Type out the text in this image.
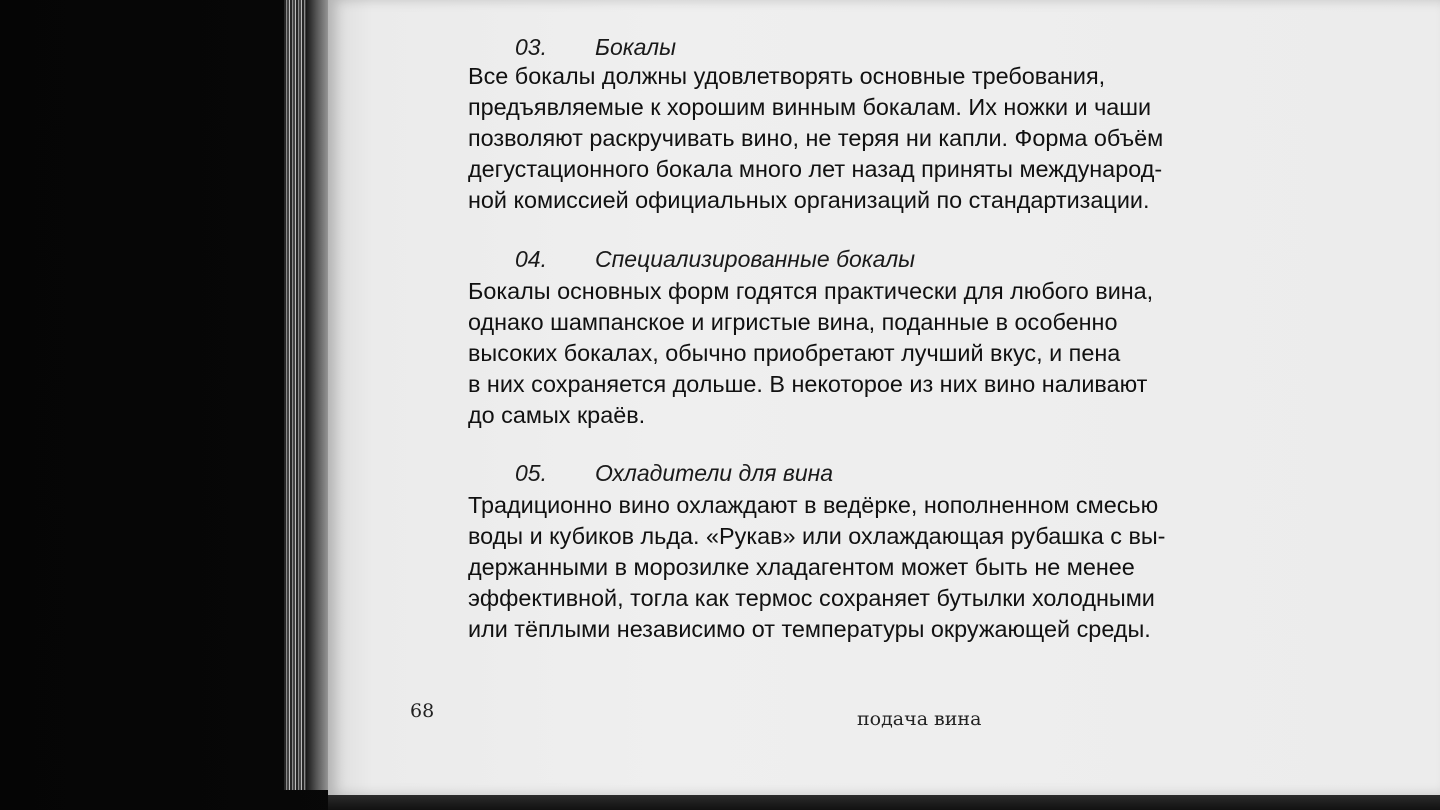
03. Бокалы
Все бокалы должны удовлетворять основные требования,
предъявляемые к хорошим винным бокалам. Их ножки и чаши
позволяют раскручивать вино, не теряя ни капли. Форма объём
дегустационного бокала много лет назад приняты международ-
ной комиссией официальных организаций по стандартизации.
04. Специализированные бокалы
Бокалы основных форм годятся практически для любого вина,
однако шампанское и игристые вина, поданные в особенно
высоких бокалах, обычно приобретают лучший вкус, и пена
в них сохраняется дольше. В некоторое из них вино наливают
до самых краёв.
05. Охладители для вина
Традиционно вино охлаждают в ведёрке, нополненном смесью
воды и кубиков льда. «Рукав» или охлаждающая рубашка с вы-
держанными в морозилке хладагентом может быть не менее
эффективной, тогла как термос сохраняет бутылки холодными
или тёплыми независимо от температуры окружающей среды.
68	подача вина
